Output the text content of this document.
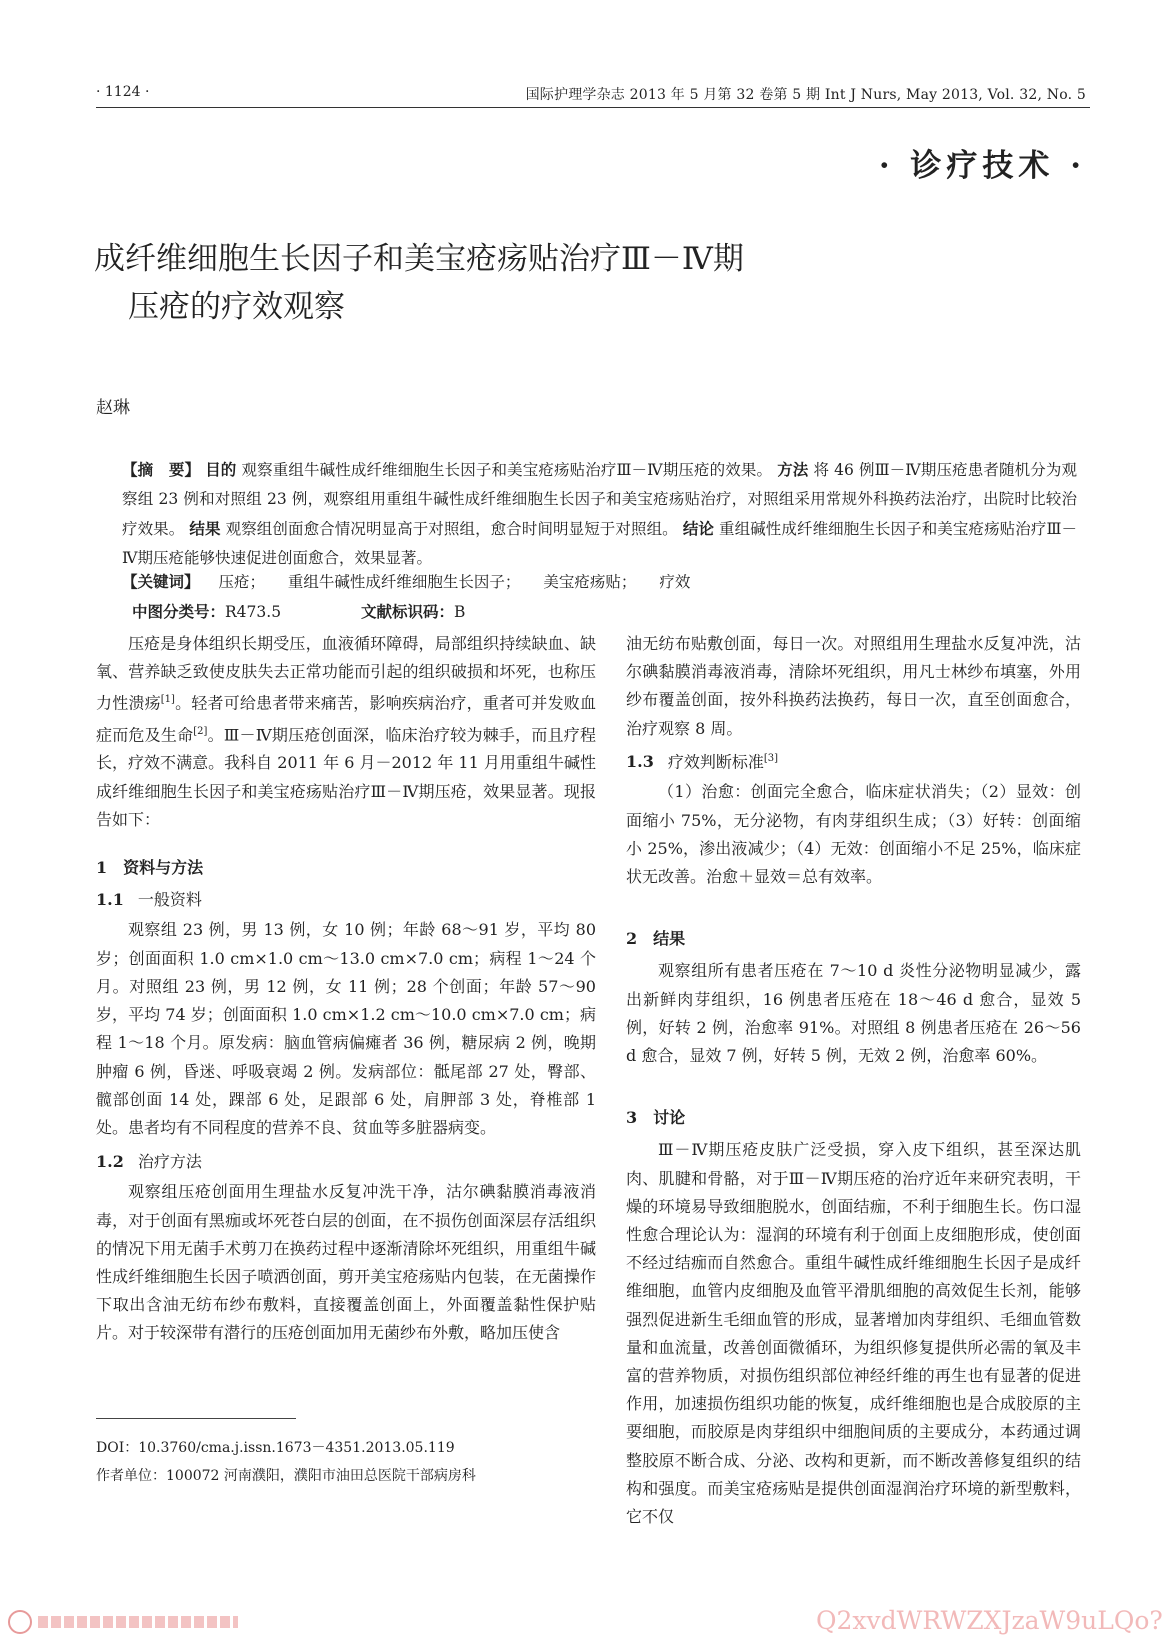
· 1124 ·	国际护理学杂志 2013 年 5 月第 32 卷第 5 期 Int J Nurs, May 2013, Vol. 32, No. 5
· 诊疗技术 ·
成纤维细胞生长因子和美宝疮疡贴治疗Ⅲ－Ⅳ期
压疮的疗效观察
赵琳
【摘　要】 目的 观察重组牛碱性成纤维细胞生长因子和美宝疮疡贴治疗Ⅲ－Ⅳ期压疮的效果。 方法 将 46 例Ⅲ－Ⅳ期压疮患者随机分为观察组 23 例和对照组 23 例，观察组用重组牛碱性成纤维细胞生长因子和美宝疮疡贴治疗，对照组采用常规外科换药法治疗，出院时比较治疗效果。 结果 观察组创面愈合情况明显高于对照组，愈合时间明显短于对照组。 结论 重组碱性成纤维细胞生长因子和美宝疮疡贴治疗Ⅲ－Ⅳ期压疮能够快速促进创面愈合，效果显著。
【关键词】 压疮； 重组牛碱性成纤维细胞生长因子； 美宝疮疡贴； 疗效
中图分类号：R473.5	文献标识码：B

压疮是身体组织长期受压，血液循环障碍，局部组织持续缺血、缺氧、营养缺乏致使皮肤失去正常功能而引起的组织破损和坏死，也称压力性溃疡[1]。轻者可给患者带来痛苦，影响疾病治疗，重者可并发败血症而危及生命[2]。Ⅲ－Ⅳ期压疮创面深，临床治疗较为棘手，而且疗程长，疗效不满意。我科自 2011 年 6 月－2012 年 11 月用重组牛碱性成纤维细胞生长因子和美宝疮疡贴治疗Ⅲ－Ⅳ期压疮，效果显著。现报告如下：

1　 资料与方法
1.1 一般资料

观察组 23 例，男 13 例，女 10 例；年龄 68～91 岁，平均 80 岁；创面面积 1.0 cm×1.0 cm～13.0 cm×7.0 cm；病程 1～24 个月。对照组 23 例，男 12 例，女 11 例；28 个创面；年龄 57～90 岁，平均 74 岁；创面面积 1.0 cm×1.2 cm～10.0 cm×7.0 cm；病程 1～18 个月。原发病：脑血管病偏瘫者 36 例，糖尿病 2 例，晚期肿瘤 6 例，昏迷、呼吸衰竭 2 例。发病部位：骶尾部 27 处，臀部、髋部创面 14 处，踝部 6 处，足跟部 6 处，肩胛部 3 处，脊椎部 1 处。患者均有不同程度的营养不良、贫血等多脏器病变。

1.2 治疗方法

观察组压疮创面用生理盐水反复冲洗干净，沽尔碘黏膜消毒液消毒，对于创面有黑痂或坏死苍白层的创面，在不损伤创面深层存活组织的情况下用无菌手术剪刀在换药过程中逐渐清除坏死组织，用重组牛碱性成纤维细胞生长因子喷洒创面，剪开美宝疮疡贴内包装，在无菌操作下取出含油无纺布纱布敷料，直接覆盖创面上，外面覆盖黏性保护贴片。对于较深带有潜行的压疮创面加用无菌纱布外敷，略加压使含

DOI：10.3760/cma.j.issn.1673－4351.2013.05.119
作者单位：100072 河南濮阳，濮阳市油田总医院干部病房科

油无纺布贴敷创面，每日一次。对照组用生理盐水反复冲洗，沽尔碘黏膜消毒液消毒，清除坏死组织，用凡士林纱布填塞，外用纱布覆盖创面，按外科换药法换药，每日一次，直至创面愈合，治疗观察 8 周。

1.3 疗效判断标准[3]

（1）治愈：创面完全愈合，临床症状消失；（2）显效：创面缩小 75%，无分泌物，有肉芽组织生成；（3）好转：创面缩小 25%，渗出液减少；（4）无效：创面缩小不足 25%，临床症状无改善。治愈＋显效＝总有效率。

2　 结果

观察组所有患者压疮在 7～10 d 炎性分泌物明显减少，露出新鲜肉芽组织，16 例患者压疮在 18～46 d 愈合，显效 5 例，好转 2 例，治愈率 91%。对照组 8 例患者压疮在 26～56 d 愈合，显效 7 例，好转 5 例，无效 2 例，治愈率 60%。

3　 讨论

Ⅲ－Ⅳ期压疮皮肤广泛受损，穿入皮下组织，甚至深达肌肉、肌腱和骨骼，对于Ⅲ－Ⅳ期压疮的治疗近年来研究表明，干燥的环境易导致细胞脱水，创面结痂，不利于细胞生长。伤口湿性愈合理论认为：湿润的环境有利于创面上皮细胞形成，使创面不经过结痂而自然愈合。重组牛碱性成纤维细胞生长因子是成纤维细胞，血管内皮细胞及血管平滑肌细胞的高效促生长剂，能够强烈促进新生毛细血管的形成，显著增加肉芽组织、毛细血管数量和血流量，改善创面微循环，为组织修复提供所必需的氧及丰富的营养物质，对损伤组织部位神经纤维的再生也有显著的促进作用，加速损伤组织功能的恢复，成纤维细胞也是合成胶原的主要细胞，而胶原是肉芽组织中细胞间质的主要成分，本药通过调整胶原不断合成、分泌、改构和更新，而不断改善修复组织的结构和强度。而美宝疮疡贴是提供创面湿润治疗环境的新型敷料，它不仅

Q2xvdWRWZXJzaW9uLQo?
